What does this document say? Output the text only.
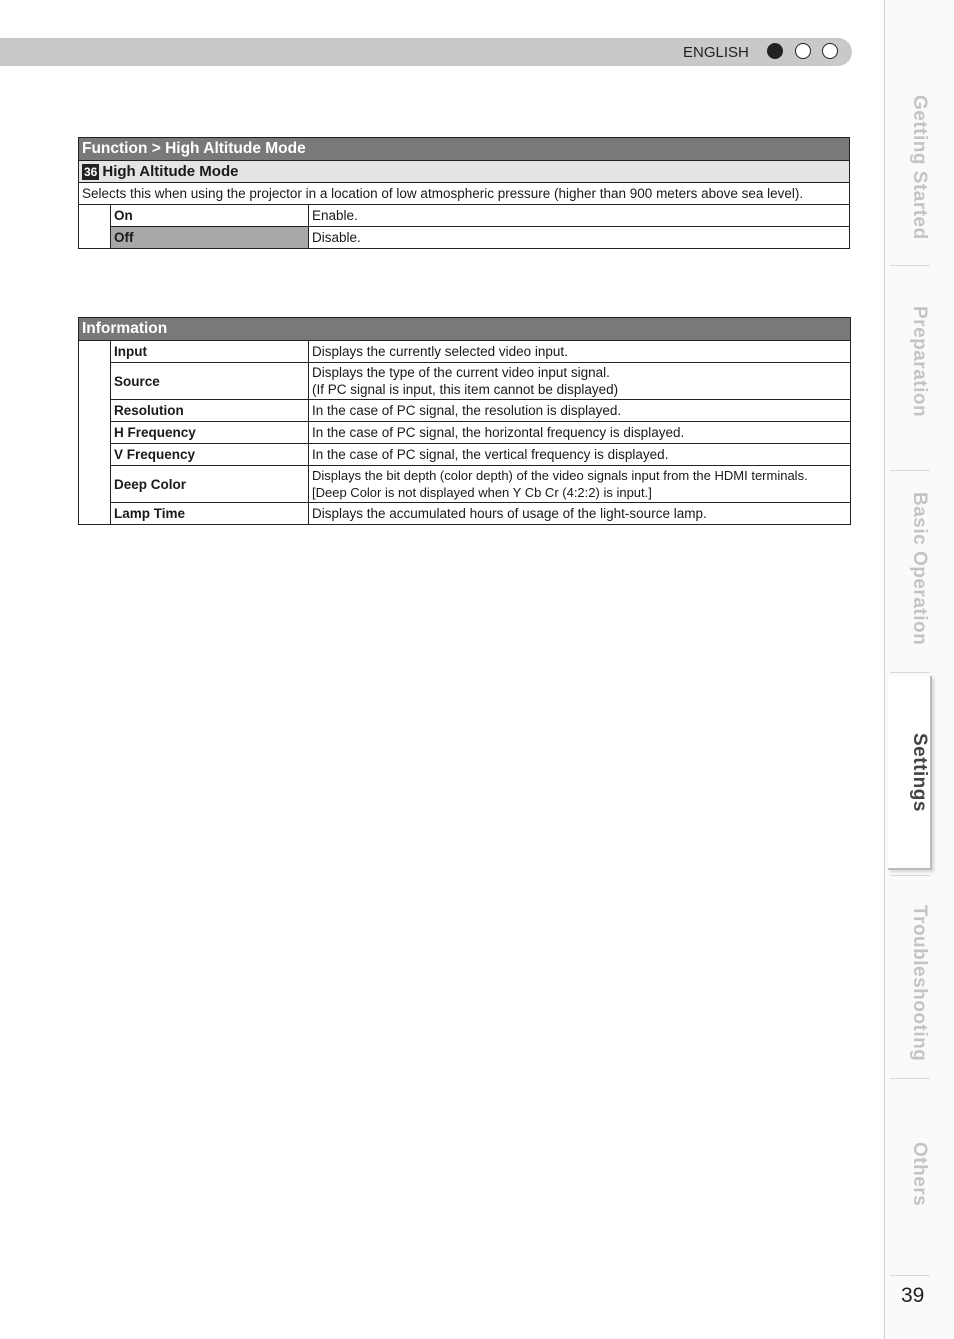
ENGLISH
Function > High Altitude Mode		
36 High Altitude Mode		
Selects this when using the projector in a location of low atmospheric pressure (higher than 900 meters above sea level).		
	On	Enable.
	Off	Disable.
Information		
	Input	Displays the currently selected video input.
	Source	Displays the type of the current video input signal.
(If PC signal is input, this item cannot be displayed)

	Resolution	In the case of PC signal, the resolution is displayed.
	H Frequency	In the case of PC signal, the horizontal frequency is displayed.
	V Frequency	In the case of PC signal, the vertical frequency is displayed.
	Deep Color	Displays the bit depth (color depth) of the video signals input from the HDMI terminals.
[Deep Color is not displayed when Y Cb Cr (4:2:2) is input.]

	Lamp Time	Displays the accumulated hours of usage of the light-source lamp.
Getting Started
Preparation
Basic Operation
Settings
Troubleshooting
Others
39
